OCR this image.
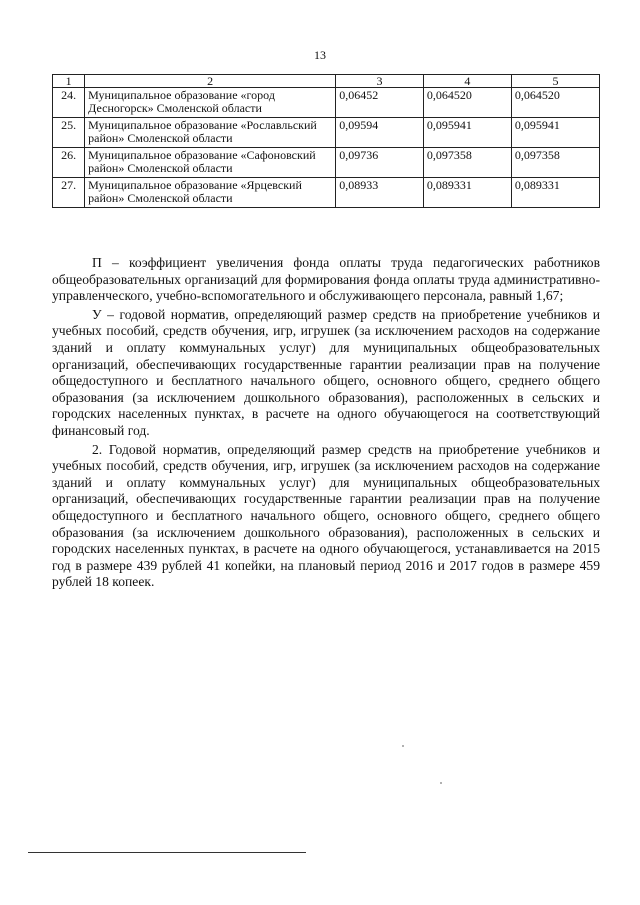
13
1	2	3	4	5
24.	Муниципальное образование «город Десногорск» Смоленской области	0,06452	0,064520	0,064520
25.	Муниципальное образование «Рославльский район» Смоленской области	0,09594	0,095941	0,095941
26.	Муниципальное образование «Сафоновский район» Смоленской области	0,09736	0,097358	0,097358
27.	Муниципальное образование «Ярцевский район» Смоленской области	0,08933	0,089331	0,089331

П – коэффициент увеличения фонда оплаты труда педагогических работников общеобразовательных организаций для формирования фонда оплаты труда административно-управленческого, учебно-вспомогательного и обслуживающего персонала, равный 1,67;

У – годовой норматив, определяющий размер средств на приобретение учебников и учебных пособий, средств обучения, игр, игрушек (за исключением расходов на содержание зданий и оплату коммунальных услуг) для муниципальных общеобразовательных организаций, обеспечивающих государственные гарантии реализации прав на получение общедоступного и бесплатного начального общего, основного общего, среднего общего образования (за исключением дошкольного образования), расположенных в сельских и городских населенных пунктах, в расчете на одного обучающегося на соответствующий финансовый год.

2. Годовой норматив, определяющий размер средств на приобретение учебников и учебных пособий, средств обучения, игр, игрушек (за исключением расходов на содержание зданий и оплату коммунальных услуг) для муниципальных общеобразовательных организаций, обеспечивающих государственные гарантии реализации прав на получение общедоступного и бесплатного начального общего, основного общего, среднего общего образования (за исключением дошкольного образования), расположенных в сельских и городских населенных пунктах, в расчете на одного обучающегося, устанавливается на 2015 год в размере 439 рублей 41 копейки, на плановый период 2016 и 2017 годов в размере 459 рублей 18 копеек.
